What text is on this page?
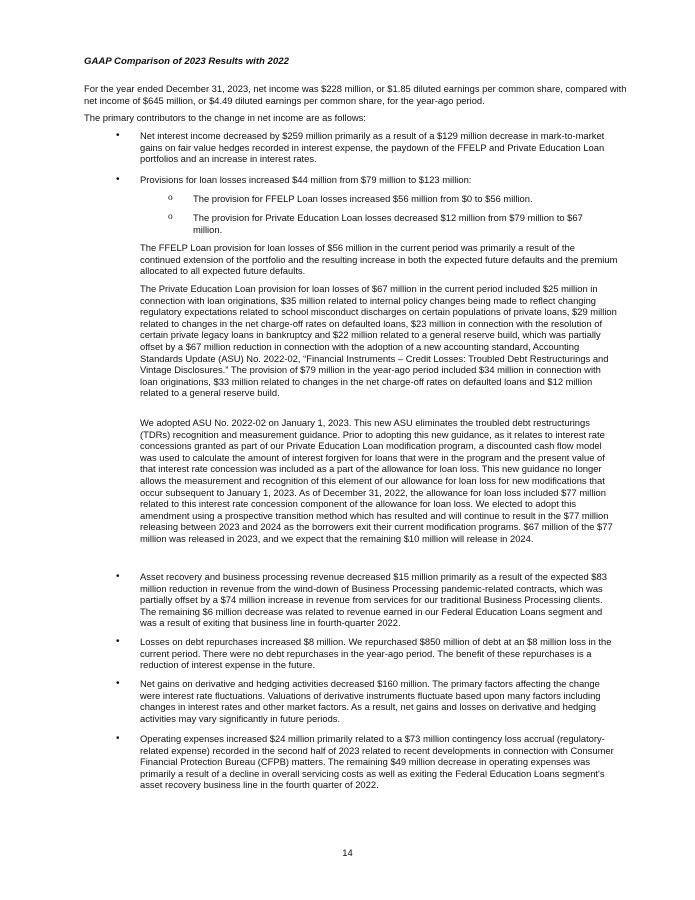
GAAP Comparison of 2023 Results with 2022

For the year ended December 31, 2023, net income was $228 million, or $1.85 diluted earnings per common share, compared with net income of $645 million, or $4.49 diluted earnings per common share, for the year-ago period.

The primary contributors to the change in net income are as follows:

• Net interest income decreased by $259 million primarily as a result of a $129 million decrease in mark-to-market gains on fair value hedges recorded in interest expense, the paydown of the FFELP and Private Education Loan portfolios and an increase in interest rates.

• Provisions for loan losses increased $44 million from $79 million to $123 million:

o The provision for FFELP Loan losses increased $56 million from $0 to $56 million.

o The provision for Private Education Loan losses decreased $12 million from $79 million to $67 million.

The FFELP Loan provision for loan losses of $56 million in the current period was primarily a result of the continued extension of the portfolio and the resulting increase in both the expected future defaults and the premium allocated to all expected future defaults.

The Private Education Loan provision for loan losses of $67 million in the current period included $25 million in connection with loan originations, $35 million related to internal policy changes being made to reflect changing regulatory expectations related to school misconduct discharges on certain populations of private loans, $29 million related to changes in the net charge-off rates on defaulted loans, $23 million in connection with the resolution of certain private legacy loans in bankruptcy and $22 million related to a general reserve build, which was partially offset by a $67 million reduction in connection with the adoption of a new accounting standard, Accounting Standards Update (ASU) No. 2022-02, “Financial Instruments – Credit Losses: Troubled Debt Restructurings and Vintage Disclosures.” The provision of $79 million in the year-ago period included $34 million in connection with loan originations, $33 million related to changes in the net charge-off rates on defaulted loans and $12 million related to a general reserve build.

We adopted ASU No. 2022-02 on January 1, 2023. This new ASU eliminates the troubled debt restructurings (TDRs) recognition and measurement guidance. Prior to adopting this new guidance, as it relates to interest rate concessions granted as part of our Private Education Loan modification program, a discounted cash flow model was used to calculate the amount of interest forgiven for loans that were in the program and the present value of that interest rate concession was included as a part of the allowance for loan loss. This new guidance no longer allows the measurement and recognition of this element of our allowance for loan loss for new modifications that occur subsequent to January 1, 2023. As of December 31, 2022, the allowance for loan loss included $77 million related to this interest rate concession component of the allowance for loan loss. We elected to adopt this amendment using a prospective transition method which has resulted and will continue to result in the $77 million releasing between 2023 and 2024 as the borrowers exit their current modification programs. $67 million of the $77 million was released in 2023, and we expect that the remaining $10 million will release in 2024.

• Asset recovery and business processing revenue decreased $15 million primarily as a result of the expected $83 million reduction in revenue from the wind-down of Business Processing pandemic-related contracts, which was partially offset by a $74 million increase in revenue from services for our traditional Business Processing clients. The remaining $6 million decrease was related to revenue earned in our Federal Education Loans segment and was a result of exiting that business line in fourth-quarter 2022.

• Losses on debt repurchases increased $8 million. We repurchased $850 million of debt at an $8 million loss in the current period. There were no debt repurchases in the year-ago period. The benefit of these repurchases is a reduction of interest expense in the future.

• Net gains on derivative and hedging activities decreased $160 million. The primary factors affecting the change were interest rate fluctuations. Valuations of derivative instruments fluctuate based upon many factors including changes in interest rates and other market factors. As a result, net gains and losses on derivative and hedging activities may vary significantly in future periods.

• Operating expenses increased $24 million primarily related to a $73 million contingency loss accrual (regulatory-related expense) recorded in the second half of 2023 related to recent developments in connection with Consumer Financial Protection Bureau (CFPB) matters. The remaining $49 million decrease in operating expenses was primarily a result of a decline in overall servicing costs as well as exiting the Federal Education Loans segment's asset recovery business line in the fourth quarter of 2022.

14
